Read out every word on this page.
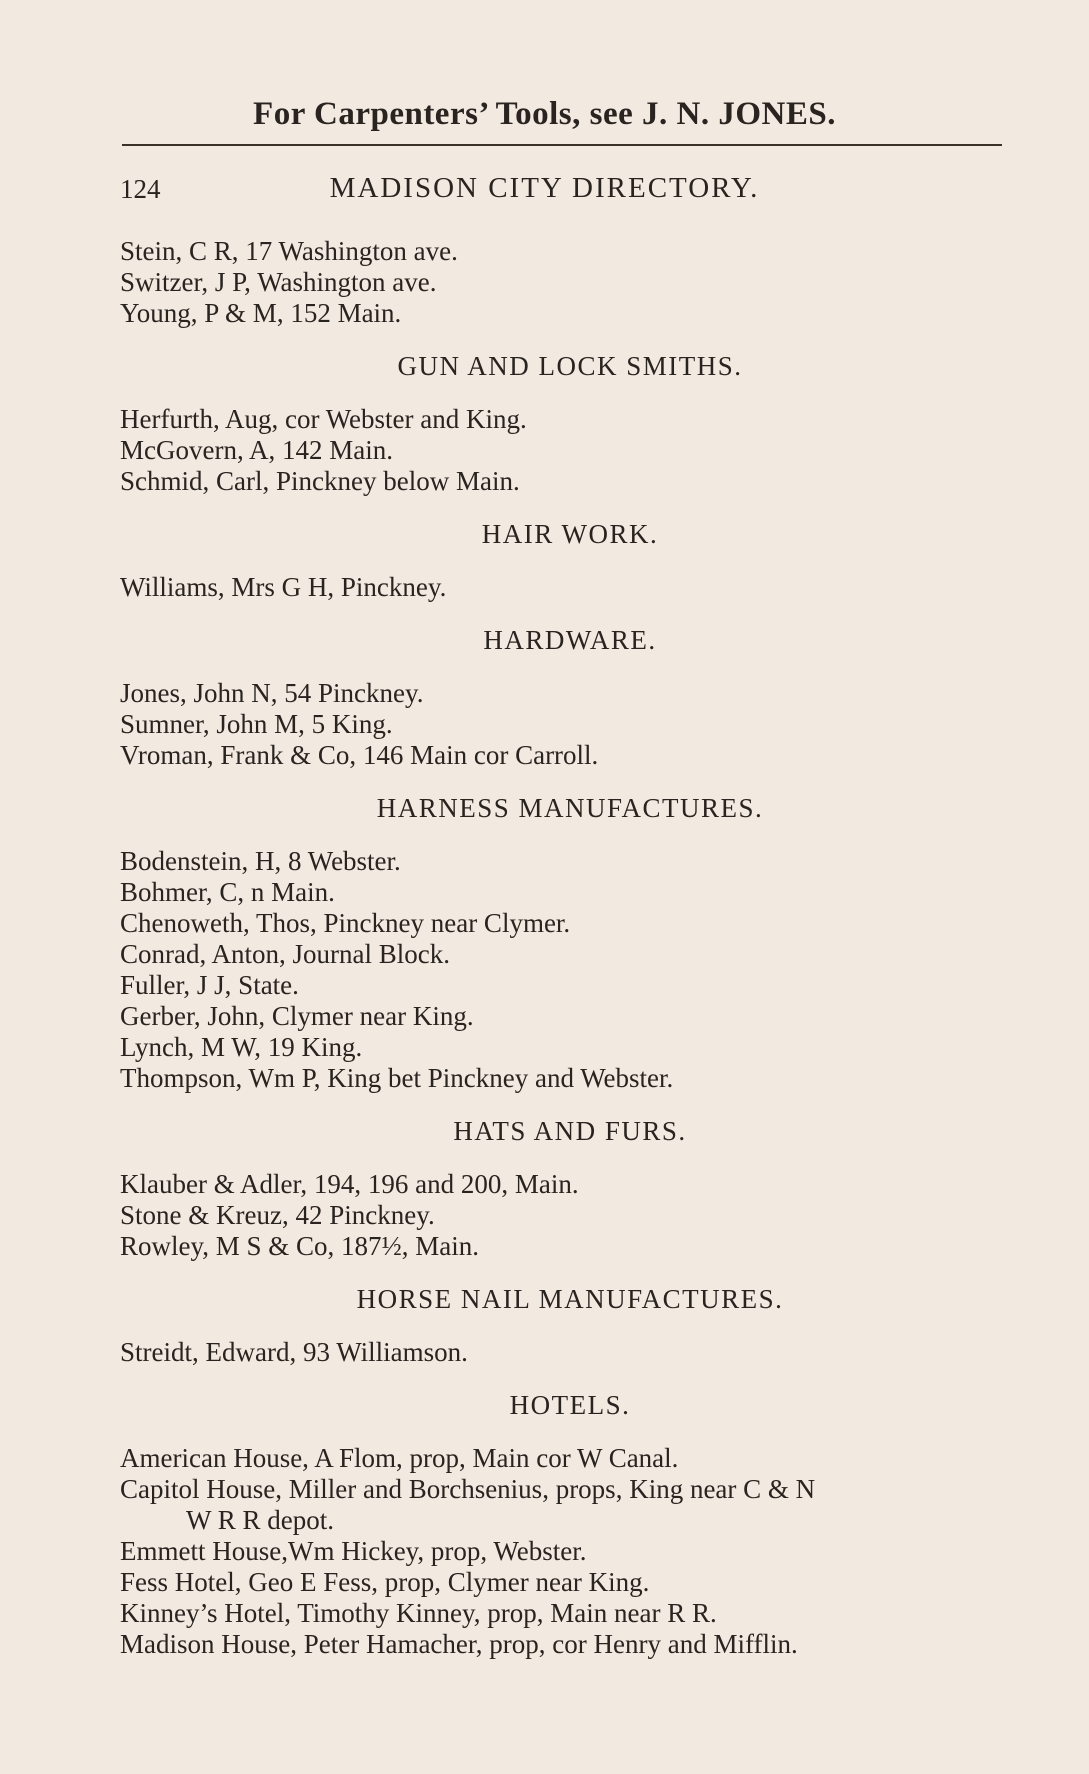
For Carpenters’ Tools, see J. N. JONES.
124	MADISON CITY DIRECTORY.
Stein, C R, 17 Washington ave.
Switzer, J P, Washington ave.
Young, P & M, 152 Main.
GUN AND LOCK SMITHS.
Herfurth, Aug, cor Webster and King.
McGovern, A, 142 Main.
Schmid, Carl, Pinckney below Main.
HAIR WORK.
Williams, Mrs G H, Pinckney.
HARDWARE.
Jones, John N, 54 Pinckney.
Sumner, John M, 5 King.
Vroman, Frank & Co, 146 Main cor Carroll.
HARNESS MANUFACTURES.
Bodenstein, H, 8 Webster.
Bohmer, C, n Main.
Chenoweth, Thos, Pinckney near Clymer.
Conrad, Anton, Journal Block.
Fuller, J J, State.
Gerber, John, Clymer near King.
Lynch, M W, 19 King.
Thompson, Wm P, King bet Pinckney and Webster.
HATS AND FURS.
Klauber & Adler, 194, 196 and 200, Main.
Stone & Kreuz, 42 Pinckney.
Rowley, M S & Co, 187½, Main.
HORSE NAIL MANUFACTURES.
Streidt, Edward, 93 Williamson.
HOTELS.
American House, A Flom, prop, Main cor W Canal.
Capitol House, Miller and Borchsenius, props, King near C & N
W R R depot.
Emmett House,Wm Hickey, prop, Webster.
Fess Hotel, Geo E Fess, prop, Clymer near King.
Kinney’s Hotel, Timothy Kinney, prop, Main near R R.
Madison House, Peter Hamacher, prop, cor Henry and Mifflin.
